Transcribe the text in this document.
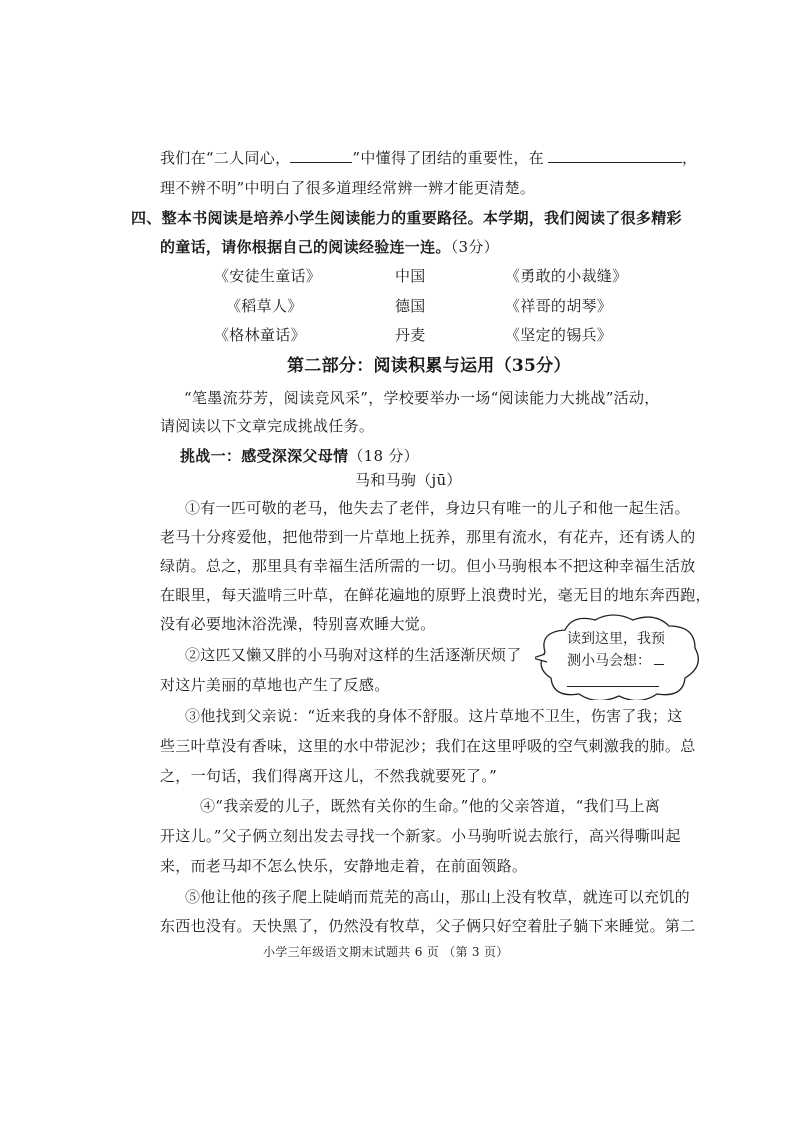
我们在“二人同心，	”中懂得了团结的重要性，在	，
理不辨不明”中明白了很多道理经常辨一辨才能更清楚。
四、整本书阅读是培养小学生阅读能力的重要路径。本学期，我们阅读了很多精彩
的童话，请你根据自己的阅读经验连一连。（3分）
《安徒生童话》
《稻草人》
《格林童话》
中国
德国
丹麦
《勇敢的小裁缝》
《祥哥的胡琴》
《坚定的锡兵》
第二部分：阅读积累与运用（35分）
“笔墨流芬芳，阅读竞风采”，学校要举办一场“阅读能力大挑战”活动，
请阅读以下文章完成挑战任务。
挑战一：感受深深父母情（18 分）
马和马驹（jū）
①有一匹可敬的老马，他失去了老伴，身边只有唯一的儿子和他一起生活。
老马十分疼爱他，把他带到一片草地上抚养，那里有流水，有花卉，还有诱人的
绿荫。总之，那里具有幸福生活所需的一切。但小马驹根本不把这种幸福生活放
在眼里，每天滥啃三叶草，在鲜花遍地的原野上浪费时光，毫无目的地东奔西跑，
没有必要地沐浴洗澡，特别喜欢睡大觉。
②这匹又懒又胖的小马驹对这样的生活逐渐厌烦了
对这片美丽的草地也产生了反感。
③他找到父亲说：“近来我的身体不舒服。这片草地不卫生，伤害了我；这
些三叶草没有香味，这里的水中带泥沙；我们在这里呼吸的空气刺激我的肺。总
之，一句话，我们得离开这儿，不然我就要死了。”
④“我亲爱的儿子，既然有关你的生命。”他的父亲答道，“我们马上离
开这儿。”父子俩立刻出发去寻找一个新家。小马驹听说去旅行，高兴得嘶叫起
来，而老马却不怎么快乐，安静地走着，在前面领路。
⑤他让他的孩子爬上陡峭而荒芜的高山，那山上没有牧草，就连可以充饥的
东西也没有。天快黑了，仍然没有牧草，父子俩只好空着肚子躺下来睡觉。第二
读到这里，我预
测小马会想：
小学三年级语文期末试题共 6 页 （第 3 页）
